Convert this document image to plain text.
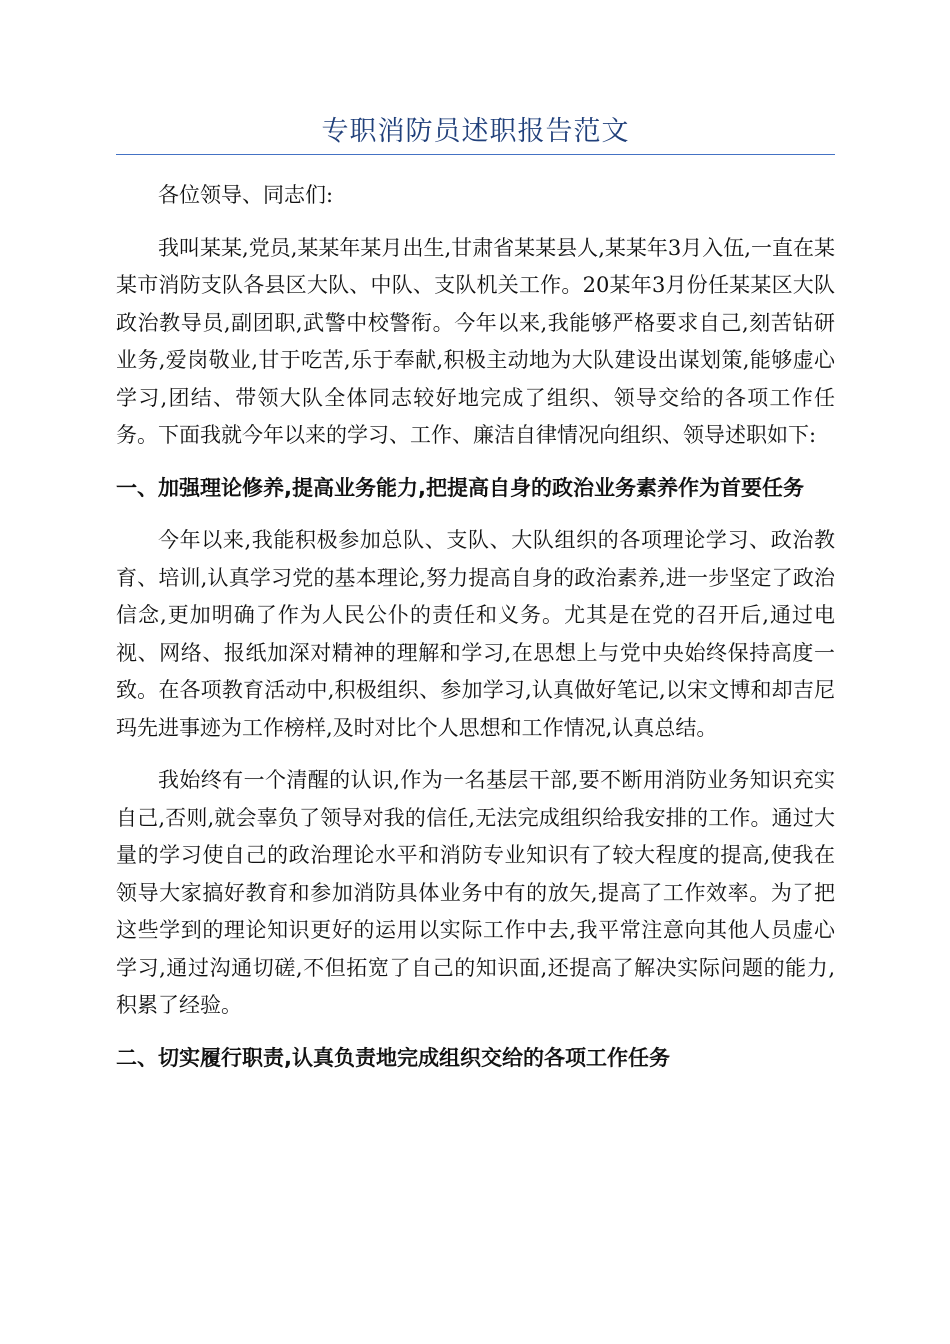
专职消防员述职报告范文

各位领导、同志们:

我叫某某,党员,某某年某月出生,甘肃省某某县人,某某年3月入伍,一直在某某市消防支队各县区大队、中队、支队机关工作。20某年3月份任某某区大队政治教导员,副团职,武警中校警衔。今年以来,我能够严格要求自己,刻苦钻研业务,爱岗敬业,甘于吃苦,乐于奉献,积极主动地为大队建设出谋划策,能够虚心学习,团结、带领大队全体同志较好地完成了组织、领导交给的各项工作任务。下面我就今年以来的学习、工作、廉洁自律情况向组织、领导述职如下:

一、加强理论修养,提高业务能力,把提高自身的政治业务素养作为首要任务

今年以来,我能积极参加总队、支队、大队组织的各项理论学习、政治教育、培训,认真学习党的基本理论,努力提高自身的政治素养,进一步坚定了政治信念,更加明确了作为人民公仆的责任和义务。尤其是在党的召开后,通过电视、网络、报纸加深对精神的理解和学习,在思想上与党中央始终保持高度一致。在各项教育活动中,积极组织、参加学习,认真做好笔记,以宋文博和却吉尼玛先进事迹为工作榜样,及时对比个人思想和工作情况,认真总结。

我始终有一个清醒的认识,作为一名基层干部,要不断用消防业务知识充实自己,否则,就会辜负了领导对我的信任,无法完成组织给我安排的工作。通过大量的学习使自己的政治理论水平和消防专业知识有了较大程度的提高,使我在领导大家搞好教育和参加消防具体业务中有的放矢,提高了工作效率。为了把这些学到的理论知识更好的运用以实际工作中去,我平常注意向其他人员虚心学习,通过沟通切磋,不但拓宽了自己的知识面,还提高了解决实际问题的能力,积累了经验。

二、切实履行职责,认真负责地完成组织交给的各项工作任务
